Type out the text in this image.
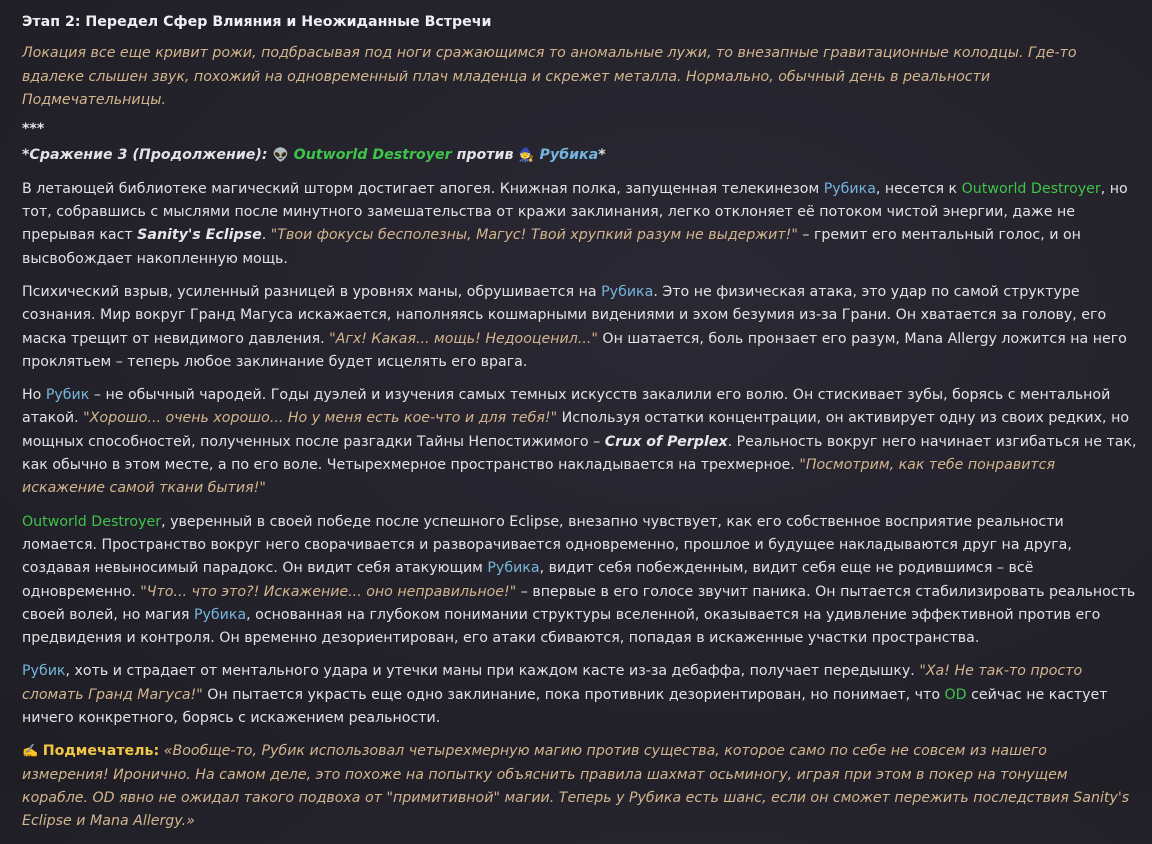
Этап 2: Передел Сфер Влияния и Неожиданные Встречи

Локация все еще кривит рожи, подбрасывая под ноги сражающимся то аномальные лужи, то внезапные гравитационные колодцы. Где-то вдалеке слышен звук, похожий на одновременный плач младенца и скрежет металла. Нормально, обычный день в реальности Подмечательницы.

***

*Сражение 3 (Продолжение): 👽 Outworld Destroyer против 🧙 Рубика*

В летающей библиотеке магический шторм достигает апогея. Книжная полка, запущенная телекинезом Рубика, несется к Outworld Destroyer, но тот, собравшись с мыслями после минутного замешательства от кражи заклинания, легко отклоняет её потоком чистой энергии, даже не прерывая каст Sanity's Eclipse. "Твои фокусы бесполезны, Магус! Твой хрупкий разум не выдержит!" – гремит его ментальный голос, и он высвобождает накопленную мощь.

Психический взрыв, усиленный разницей в уровнях маны, обрушивается на Рубика. Это не физическая атака, это удар по самой структуре сознания. Мир вокруг Гранд Магуса искажается, наполняясь кошмарными видениями и эхом безумия из-за Грани. Он хватается за голову, его маска трещит от невидимого давления. "Агх! Какая... мощь! Недооценил..." Он шатается, боль пронзает его разум, Mana Allergy ложится на него проклятьем – теперь любое заклинание будет исцелять его врага.

Но Рубик – не обычный чародей. Годы дуэлей и изучения самых темных искусств закалили его волю. Он стискивает зубы, борясь с ментальной атакой. "Хорошо... очень хорошо... Но у меня есть кое-что и для тебя!" Используя остатки концентрации, он активирует одну из своих редких, но мощных способностей, полученных после разгадки Тайны Непостижимого – Crux of Perplex. Реальность вокруг него начинает изгибаться не так, как обычно в этом месте, а по его воле. Четырехмерное пространство накладывается на трехмерное. "Посмотрим, как тебе понравится искажение самой ткани бытия!"

Outworld Destroyer, уверенный в своей победе после успешного Eclipse, внезапно чувствует, как его собственное восприятие реальности ломается. Пространство вокруг него сворачивается и разворачивается одновременно, прошлое и будущее накладываются друг на друга, создавая невыносимый парадокс. Он видит себя атакующим Рубика, видит себя побежденным, видит себя еще не родившимся – всё одновременно. "Что... что это?! Искажение... оно неправильное!" – впервые в его голосе звучит паника. Он пытается стабилизировать реальность своей волей, но магия Рубика, основанная на глубоком понимании структуры вселенной, оказывается на удивление эффективной против его предвидения и контроля. Он временно дезориентирован, его атаки сбиваются, попадая в искаженные участки пространства.

Рубик, хоть и страдает от ментального удара и утечки маны при каждом касте из-за дебаффа, получает передышку. "Ха! Не так-то просто сломать Гранд Магуса!" Он пытается украсть еще одно заклинание, пока противник дезориентирован, но понимает, что OD сейчас не кастует ничего конкретного, борясь с искажением реальности.

✍️ Подмечатель: «Вообще-то, Рубик использовал четырехмерную магию против существа, которое само по себе не совсем из нашего измерения! Иронично. На самом деле, это похоже на попытку объяснить правила шахмат осьминогу, играя при этом в покер на тонущем корабле. OD явно не ожидал такого подвоха от "примитивной" магии. Теперь у Рубика есть шанс, если он сможет пережить последствия Sanity's Eclipse и Mana Allergy.»
